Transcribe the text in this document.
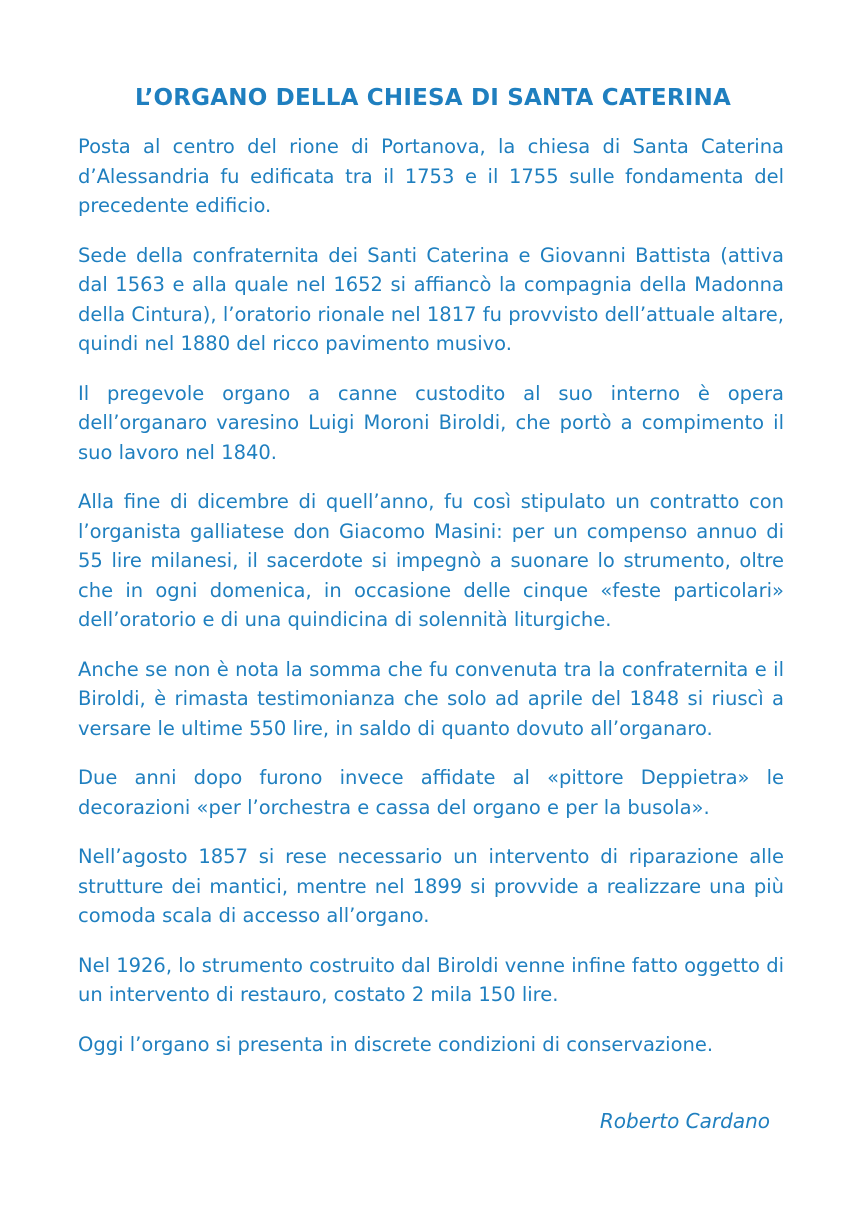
L’ORGANO DELLA CHIESA DI SANTA CATERINA

Posta al centro del rione di Portanova, la chiesa di Santa Caterina d’Alessandria fu edificata tra il 1753 e il 1755 sulle fondamenta del precedente edificio.

Sede della confraternita dei Santi Caterina e Giovanni Battista (attiva dal 1563 e alla quale nel 1652 si affiancò la compagnia della Madonna della Cintura), l’oratorio rionale nel 1817 fu provvisto dell’attuale altare, quindi nel 1880 del ricco pavimento musivo.

Il pregevole organo a canne custodito al suo interno è opera dell’organaro varesino Luigi Moroni Biroldi, che portò a compimento il suo lavoro nel 1840.

Alla fine di dicembre di quell’anno, fu così stipulato un contratto con l’organista galliatese don Giacomo Masini: per un compenso annuo di 55 lire milanesi, il sacerdote si impegnò a suonare lo strumento, oltre che in ogni domenica, in occasione delle cinque «feste particolari» dell’oratorio e di una quindicina di solennità liturgiche.

Anche se non è nota la somma che fu convenuta tra la confraternita e il Biroldi, è rimasta testimonianza che solo ad aprile del 1848 si riuscì a versare le ultime 550 lire, in saldo di quanto dovuto all’organaro.

Due anni dopo furono invece affidate al «pittore Deppietra» le decorazioni «per l’orchestra e cassa del organo e per la busola».

Nell’agosto 1857 si rese necessario un intervento di riparazione alle strutture dei mantici, mentre nel 1899 si provvide a realizzare una più comoda scala di accesso all’organo.

Nel 1926, lo strumento costruito dal Biroldi venne infine fatto oggetto di un intervento di restauro, costato 2 mila 150 lire.

Oggi l’organo si presenta in discrete condizioni di conservazione.

Roberto Cardano
